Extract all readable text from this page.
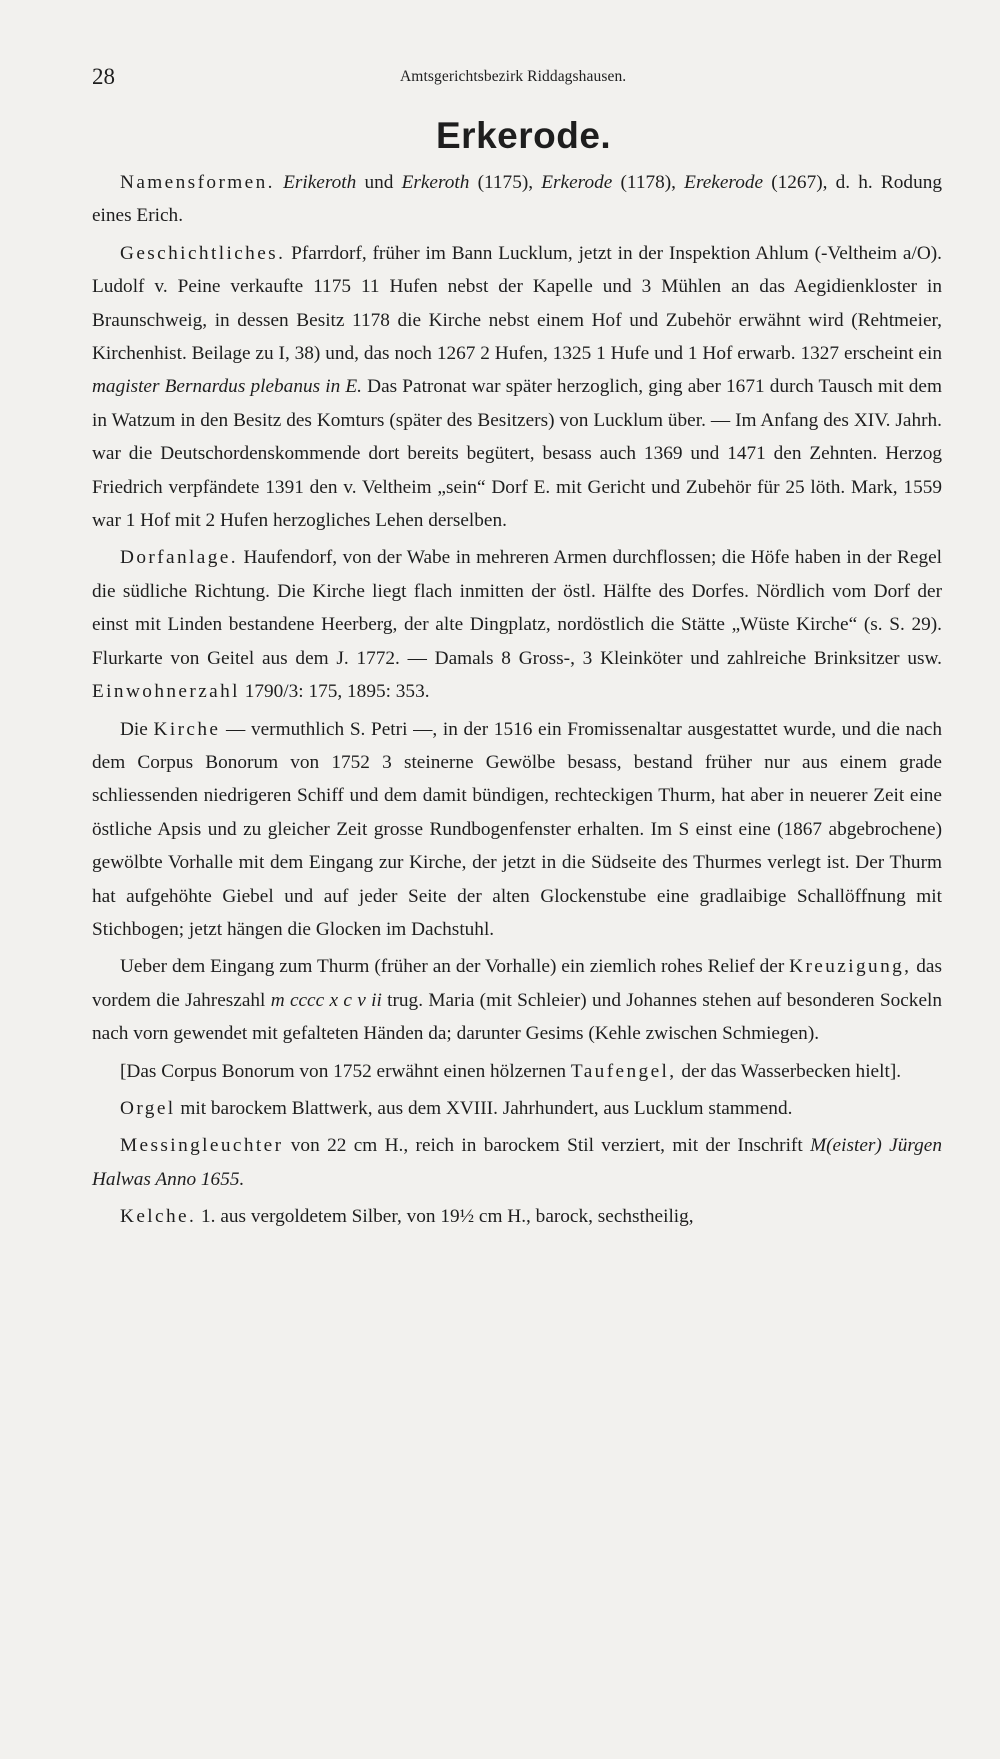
28	Amtsgerichtsbezirk Riddagshausen.
Erkerode.

Namensformen. Erikeroth und Erkeroth (1175), Erkerode (1178), Erekerode (1267), d. h. Rodung eines Erich.

Geschichtliches. Pfarrdorf, früher im Bann Lucklum, jetzt in der Inspektion Ahlum (-Veltheim a/O). Ludolf v. Peine verkaufte 1175 11 Hufen nebst der Kapelle und 3 Mühlen an das Aegidienkloster in Braunschweig, in dessen Besitz 1178 die Kirche nebst einem Hof und Zubehör erwähnt wird (Rehtmeier, Kirchenhist. Beilage zu I, 38) und, das noch 1267 2 Hufen, 1325 1 Hufe und 1 Hof erwarb. 1327 erscheint ein magister Bernardus plebanus in E. Das Patronat war später herzoglich, ging aber 1671 durch Tausch mit dem in Watzum in den Besitz des Komturs (später des Besitzers) von Lucklum über. — Im Anfang des XIV. Jahrh. war die Deutschordenskommende dort bereits begütert, besass auch 1369 und 1471 den Zehnten. Herzog Friedrich verpfändete 1391 den v. Veltheim „sein“ Dorf E. mit Gericht und Zubehör für 25 löth. Mark, 1559 war 1 Hof mit 2 Hufen herzogliches Lehen derselben.

Dorfanlage. Haufendorf, von der Wabe in mehreren Armen durchflossen; die Höfe haben in der Regel die südliche Richtung. Die Kirche liegt flach inmitten der östl. Hälfte des Dorfes. Nördlich vom Dorf der einst mit Linden bestandene Heerberg, der alte Dingplatz, nordöstlich die Stätte „Wüste Kirche“ (s. S. 29). Flurkarte von Geitel aus dem J. 1772. — Damals 8 Gross-, 3 Kleinköter und zahlreiche Brinksitzer usw. Einwohnerzahl 1790/3: 175, 1895: 353.

Die Kirche — vermuthlich S. Petri —, in der 1516 ein Fromissenaltar ausgestattet wurde, und die nach dem Corpus Bonorum von 1752 3 steinerne Gewölbe besass, bestand früher nur aus einem grade schliessenden niedrigeren Schiff und dem damit bündigen, rechteckigen Thurm, hat aber in neuerer Zeit eine östliche Apsis und zu gleicher Zeit grosse Rundbogenfenster erhalten. Im S einst eine (1867 abgebrochene) gewölbte Vorhalle mit dem Eingang zur Kirche, der jetzt in die Südseite des Thurmes verlegt ist. Der Thurm hat aufgehöhte Giebel und auf jeder Seite der alten Glockenstube eine gradlaibige Schallöffnung mit Stichbogen; jetzt hängen die Glocken im Dachstuhl.

Ueber dem Eingang zum Thurm (früher an der Vorhalle) ein ziemlich rohes Relief der Kreuzigung, das vordem die Jahreszahl m cccc x c v ii trug. Maria (mit Schleier) und Johannes stehen auf besonderen Sockeln nach vorn gewendet mit gefalteten Händen da; darunter Gesims (Kehle zwischen Schmiegen).

[Das Corpus Bonorum von 1752 erwähnt einen hölzernen Taufengel, der das Wasserbecken hielt].

Orgel mit barockem Blattwerk, aus dem XVIII. Jahrhundert, aus Lucklum stammend.

Messingleuchter von 22 cm H., reich in barockem Stil verziert, mit der Inschrift M(eister) Jürgen Halwas Anno 1655.

Kelche. 1. aus vergoldetem Silber, von 19½ cm H., barock, sechstheilig,
